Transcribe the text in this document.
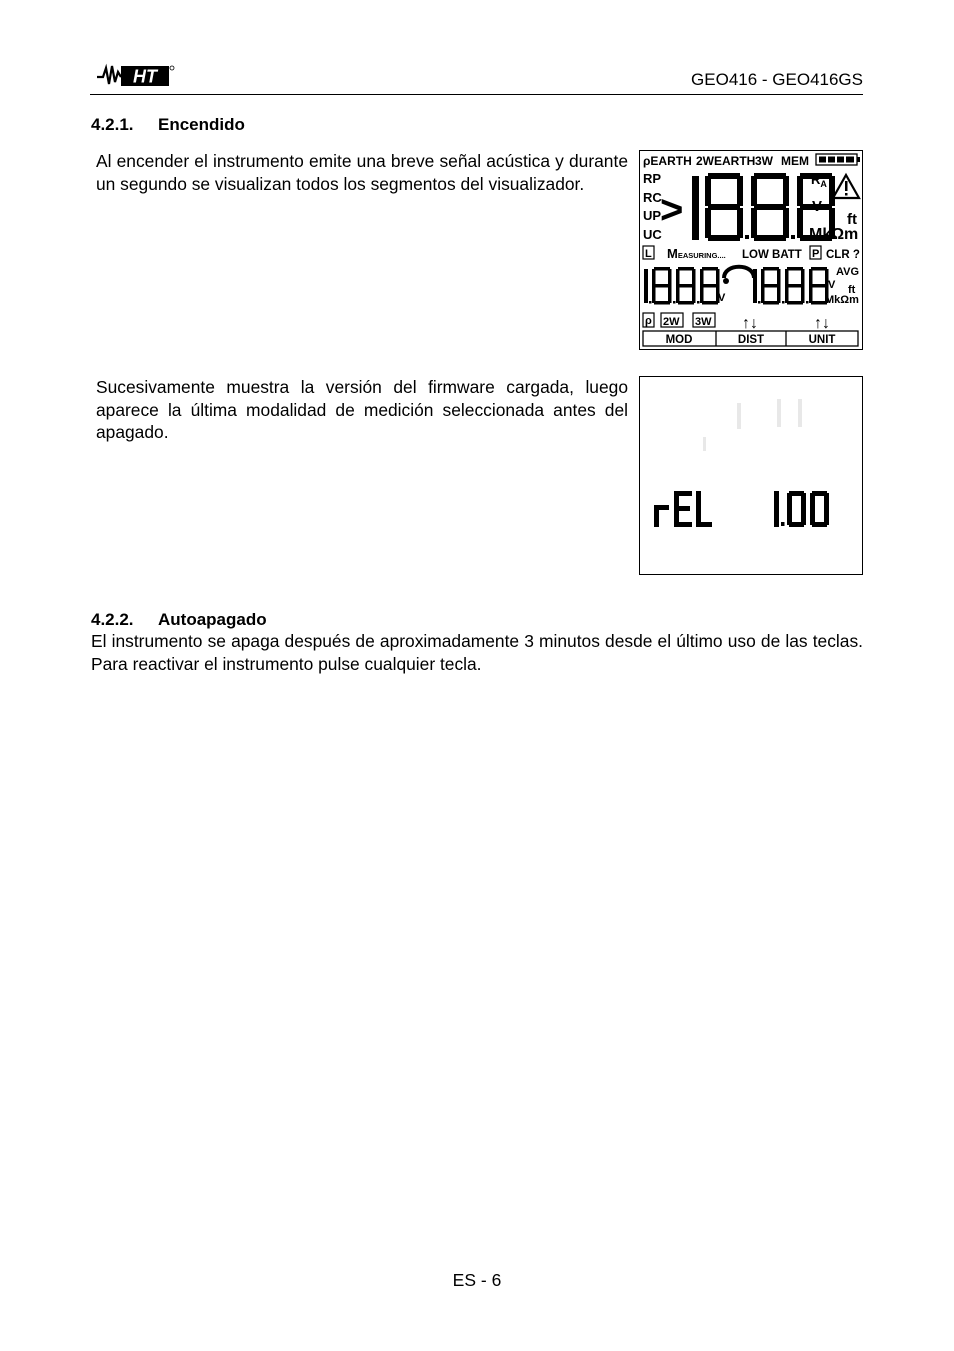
HT	GEO416 - GEO416GS
4.2.1. Encendido
Al encender el instrumento emite una breve señal acústica y durante un segundo se visualizan todos los segmentos del visualizador.
ρEARTH 2WEARTH 3W MEM
RP
RC
UP
UC
>
$R_A$
V
ft
MkΩm
L MEASURING.... LOW BATT P CLR ?
V
AVG
V ft
MkΩm
ρ 2W 3W ↑↓	↑↓
MOD	DIST	UNIT
Sucesivamente muestra la versión del firmware cargada, luego aparece la última modalidad de medición seleccionada antes del apagado.
4.2.2. Autoapagado
El instrumento se apaga después de aproximadamente 3 minutos desde el último uso de las teclas. Para reactivar el instrumento pulse cualquier tecla.
ES - 6
